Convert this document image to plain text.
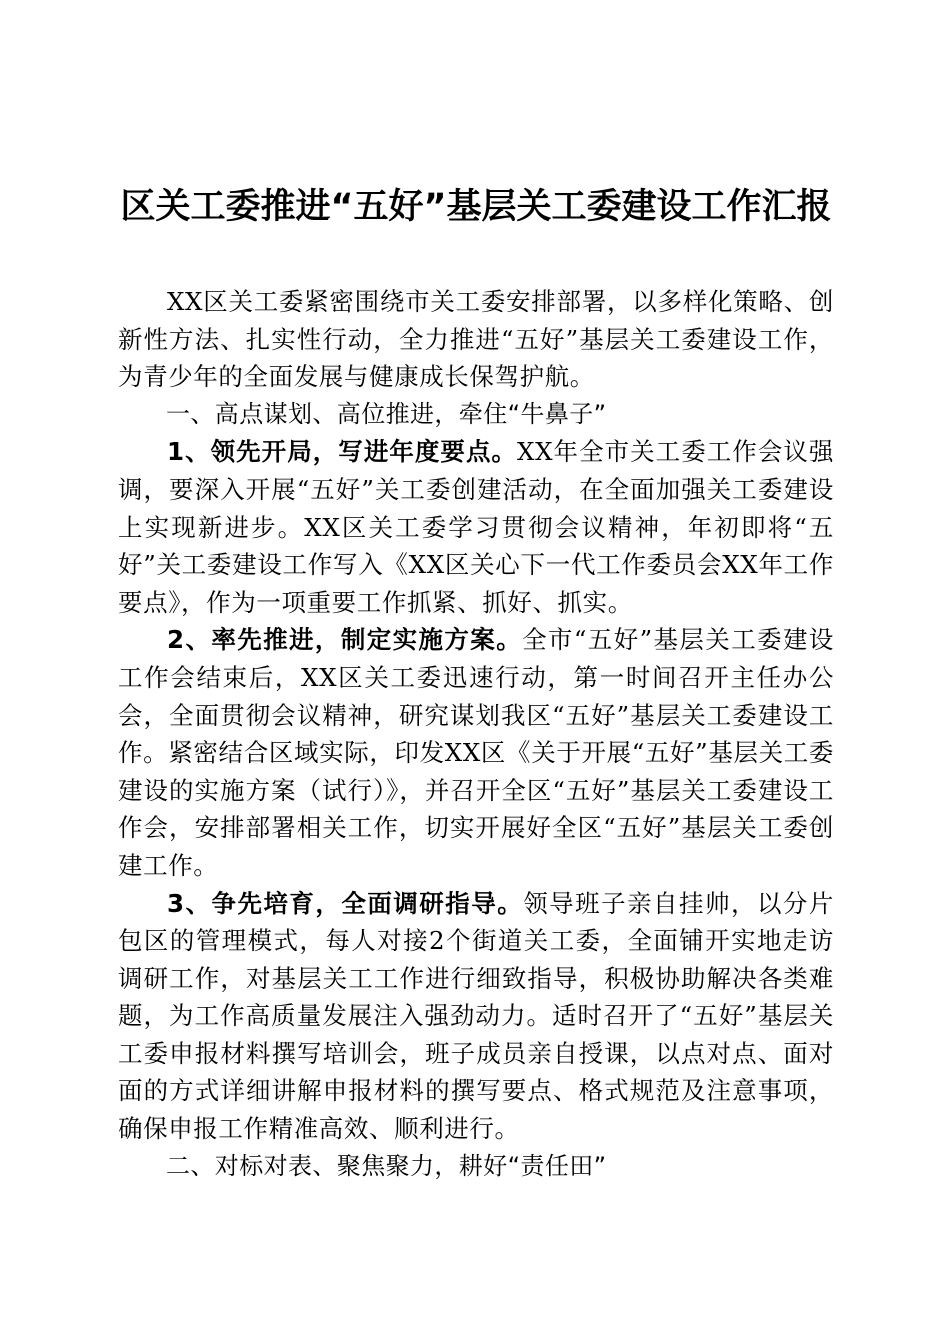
区关工委推进“五好”基层关工委建设工作汇报

XX区关工委紧密围绕市关工委安排部署，以多样化策略、创新性方法、扎实性行动，全力推进“五好”基层关工委建设工作，为青少年的全面发展与健康成长保驾护航。

一、高点谋划、高位推进，牵住“牛鼻子”

1、领先开局，写进年度要点。XX年全市关工委工作会议强调，要深入开展“五好”关工委创建活动，在全面加强关工委建设上实现新进步。XX区关工委学习贯彻会议精神，年初即将“五好”关工委建设工作写入《XX区关心下一代工作委员会XX年工作要点》，作为一项重要工作抓紧、抓好、抓实。

2、率先推进，制定实施方案。全市“五好”基层关工委建设工作会结束后，XX区关工委迅速行动，第一时间召开主任办公会，全面贯彻会议精神，研究谋划我区“五好”基层关工委建设工作。紧密结合区域实际，印发XX区《关于开展“五好”基层关工委建设的实施方案（试行）》，并召开全区“五好”基层关工委建设工作会，安排部署相关工作，切实开展好全区“五好”基层关工委创建工作。

3、争先培育，全面调研指导。领导班子亲自挂帅，以分片包区的管理模式，每人对接2个街道关工委，全面铺开实地走访调研工作，对基层关工工作进行细致指导，积极协助解决各类难题，为工作高质量发展注入强劲动力。适时召开了“五好”基层关工委申报材料撰写培训会，班子成员亲自授课，以点对点、面对面的方式详细讲解申报材料的撰写要点、格式规范及注意事项，确保申报工作精准高效、顺利进行。

二、对标对表、聚焦聚力，耕好“责任田”
